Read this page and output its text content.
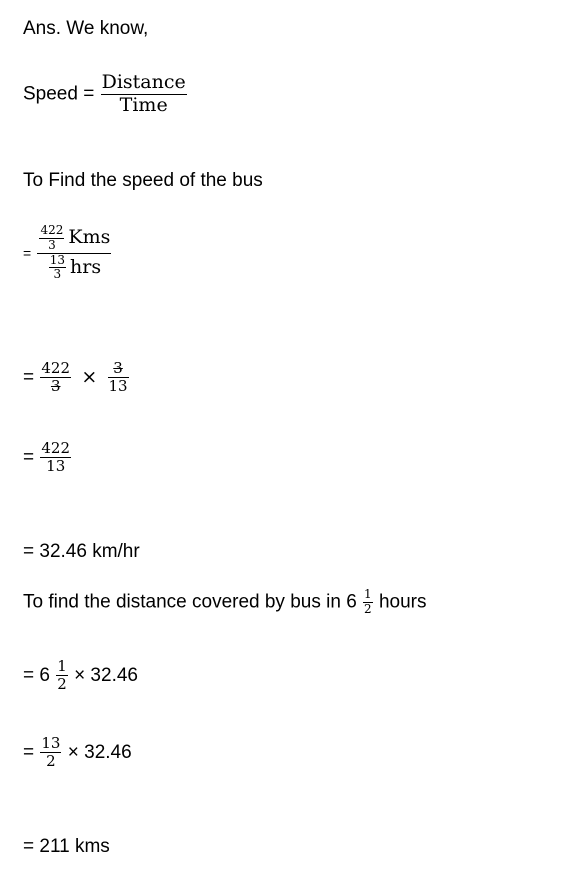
Ans. We know,
Speed = $\frac{\text{Distance}}{\text{Time}}$
To Find the speed of the bus
= $\frac{\frac{422}{3} Kms}{\frac{13}{3} hrs}$
= $\frac{422}{3} \times \frac{3}{13}$
= $\frac{422}{13}$
= 32.46 km/hr
To find the distance covered by bus in $6 \frac{1}{2}$ hours
= $6 \frac{1}{2} \times 32.46$
= $\frac{13}{2} \times 32.46$
= 211 kms
